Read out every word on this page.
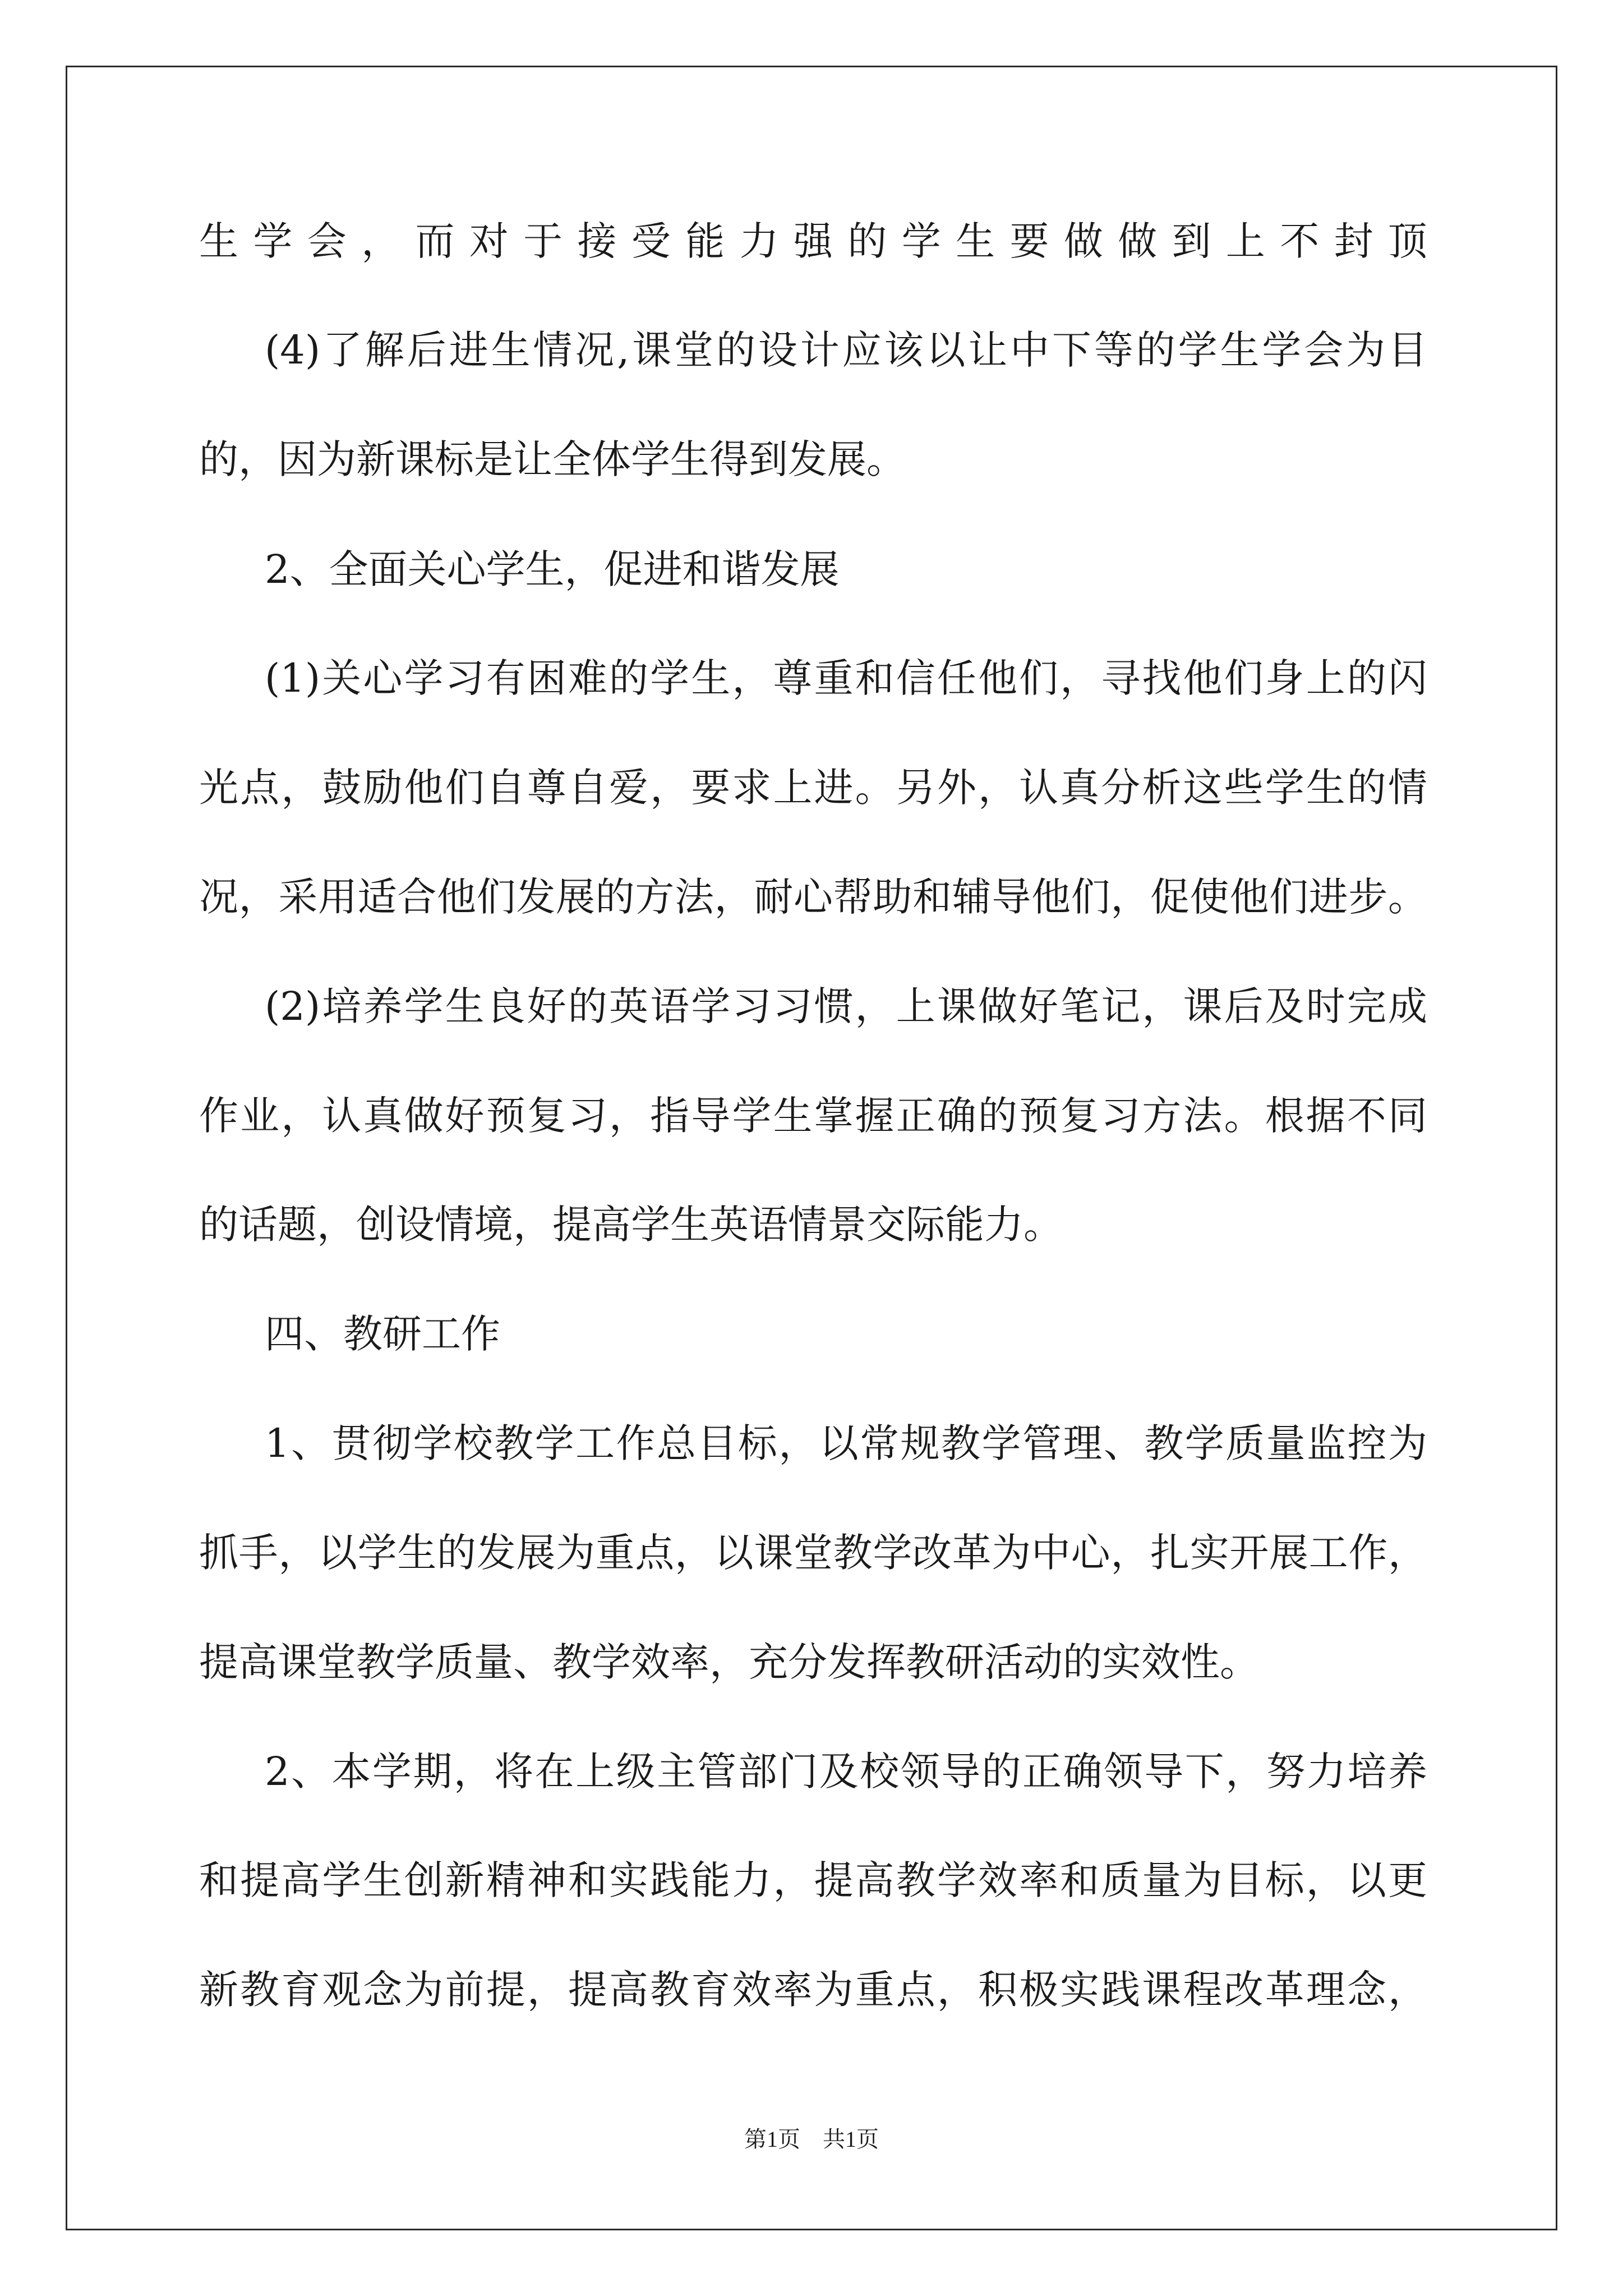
生学会，而对于接受能力强的学生要做做到上不封顶
(4)了解后进生情况,课堂的设计应该以让中下等的学生学会为目
的，因为新课标是让全体学生得到发展。
2、全面关心学生，促进和谐发展
(1)关心学习有困难的学生，尊重和信任他们，寻找他们身上的闪
光点，鼓励他们自尊自爱，要求上进。另外，认真分析这些学生的情
况，采用适合他们发展的方法，耐心帮助和辅导他们，促使他们进步。
(2)培养学生良好的英语学习习惯，上课做好笔记，课后及时完成
作业，认真做好预复习，指导学生掌握正确的预复习方法。根据不同
的话题，创设情境，提高学生英语情景交际能力。
四、教研工作
1、贯彻学校教学工作总目标，以常规教学管理、教学质量监控为
抓手，以学生的发展为重点，以课堂教学改革为中心，扎实开展工作，
提高课堂教学质量、教学效率，充分发挥教研活动的实效性。
2、本学期，将在上级主管部门及校领导的正确领导下，努力培养
和提高学生创新精神和实践能力，提高教学效率和质量为目标，以更
新教育观念为前提，提高教育效率为重点，积极实践课程改革理念，
第1页　共1页
